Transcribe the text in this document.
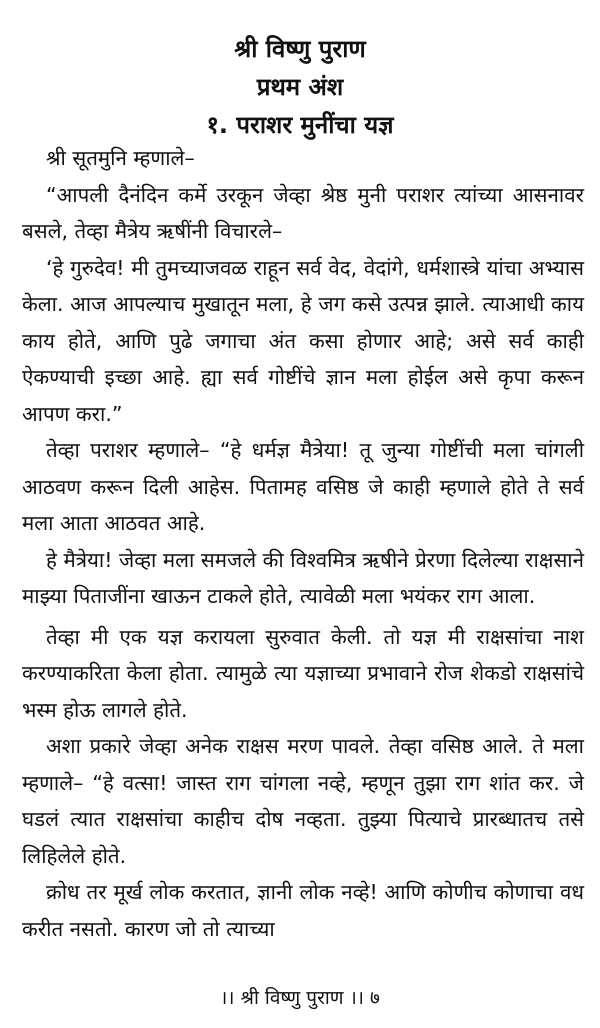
श्री विष्णु पुराण
प्रथम अंश
१. पराशर मुनींचा यज्ञ

श्री सूतमुनि म्हणाले–

“आपली दैनंदिन कर्मे उरकून जेव्हा श्रेष्ठ मुनी पराशर त्यांच्या आसनावर बसले, तेव्हा मैत्रेय ऋषींनी विचारले–

‘हे गुरुदेव! मी तुमच्याजवळ राहून सर्व वेद, वेदांगे, धर्मशास्त्रे यांचा अभ्यास केला. आज आपल्याच मुखातून मला, हे जग कसे उत्पन्न झाले. त्याआधी काय काय होते, आणि पुढे जगाचा अंत कसा होणार आहे; असे सर्व काही ऐकण्याची इच्छा आहे. ह्या सर्व गोष्टींचे ज्ञान मला होईल असे कृपा करून आपण करा.”

तेव्हा पराशर म्हणाले– “हे धर्मज्ञ मैत्रेया! तू जुन्या गोष्टींची मला चांगली आठवण करून दिली आहेस. पितामह वसिष्ठ जे काही म्हणाले होते ते सर्व मला आता आठवत आहे.

हे मैत्रेया! जेव्हा मला समजले की विश्वमित्र ऋषीने प्रेरणा दिलेल्या राक्षसाने माझ्या पिताजींना खाऊन टाकले होते, त्यावेळी मला भयंकर राग आला.

तेव्हा मी एक यज्ञ करायला सुरुवात केली. तो यज्ञ मी राक्षसांचा नाश करण्याकरिता केला होता. त्यामुळे त्या यज्ञाच्या प्रभावाने रोज शेकडो राक्षसांचे भस्म होऊ लागले होते.

अशा प्रकारे जेव्हा अनेक राक्षस मरण पावले. तेव्हा वसिष्ठ आले. ते मला म्हणाले– “हे वत्सा! जास्त राग चांगला नव्हे, म्हणून तुझा राग शांत कर. जे घडलं त्यात राक्षसांचा काहीच दोष नव्हता. तुझ्या पित्याचे प्रारब्धातच तसे लिहिलेले होते.

क्रोध तर मूर्ख लोक करतात, ज्ञानी लोक नव्हे! आणि कोणीच कोणाचा वध करीत नसतो. कारण जो तो त्याच्या

।। श्री विष्णु पुराण ।। ७
